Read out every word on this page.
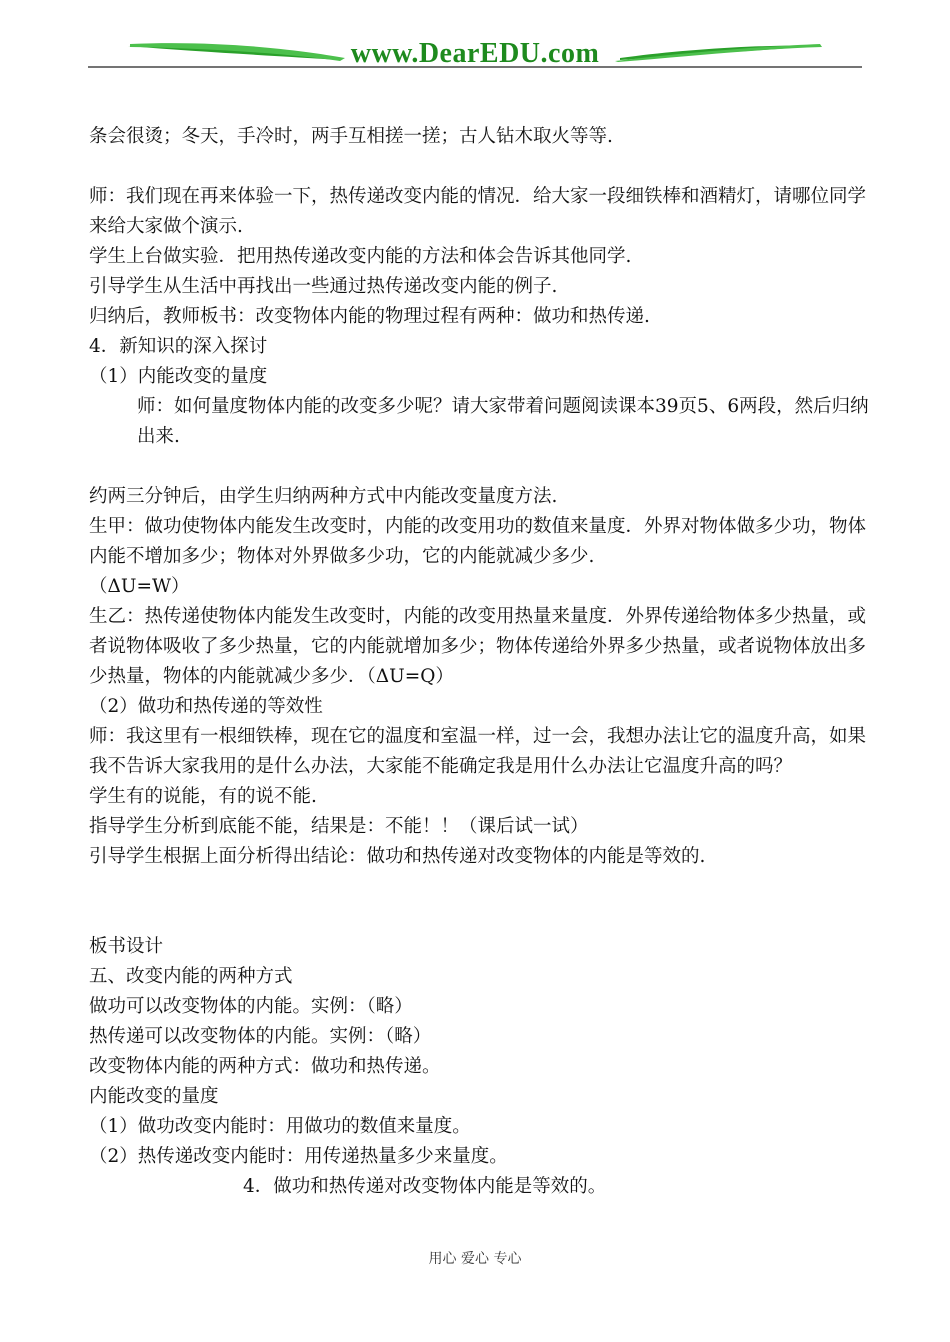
www.DearEDU.com
条会很烫；冬天，手冷时，两手互相搓一搓；古人钻木取火等等.
师：我们现在再来体验一下，热传递改变内能的情况．给大家一段细铁棒和酒精灯，请哪位同学来给大家做个演示.
学生上台做实验．把用热传递改变内能的方法和体会告诉其他同学.
引导学生从生活中再找出一些通过热传递改变内能的例子.
归纳后，教师板书：改变物体内能的物理过程有两种：做功和热传递.
4．新知识的深入探讨
（1）内能改变的量度
师：如何量度物体内能的改变多少呢？请大家带着问题阅读课本39页5、6两段，然后归纳出来.
约两三分钟后，由学生归纳两种方式中内能改变量度方法.
生甲：做功使物体内能发生改变时，内能的改变用功的数值来量度．外界对物体做多少功，物体内能不增加多少；物体对外界做多少功，它的内能就减少多少.
（ΔU=W）
生乙：热传递使物体内能发生改变时，内能的改变用热量来量度．外界传递给物体多少热量，或者说物体吸收了多少热量，它的内能就增加多少；物体传递给外界多少热量，或者说物体放出多少热量，物体的内能就减少多少．（ΔU=Q）
（2）做功和热传递的等效性
师：我这里有一根细铁棒，现在它的温度和室温一样，过一会，我想办法让它的温度升高，如果我不告诉大家我用的是什么办法，大家能不能确定我是用什么办法让它温度升高的吗？
学生有的说能，有的说不能.
指导学生分析到底能不能，结果是：不能！！（课后试一试）
引导学生根据上面分析得出结论：做功和热传递对改变物体的内能是等效的.
板书设计
五、改变内能的两种方式
做功可以改变物体的内能。实例：（略）
热传递可以改变物体的内能。实例：（略）
改变物体内能的两种方式：做功和热传递。
内能改变的量度
（1）做功改变内能时：用做功的数值来量度。
（2）热传递改变内能时：用传递热量多少来量度。
4．做功和热传递对改变物体内能是等效的。
用心 爱心 专心
